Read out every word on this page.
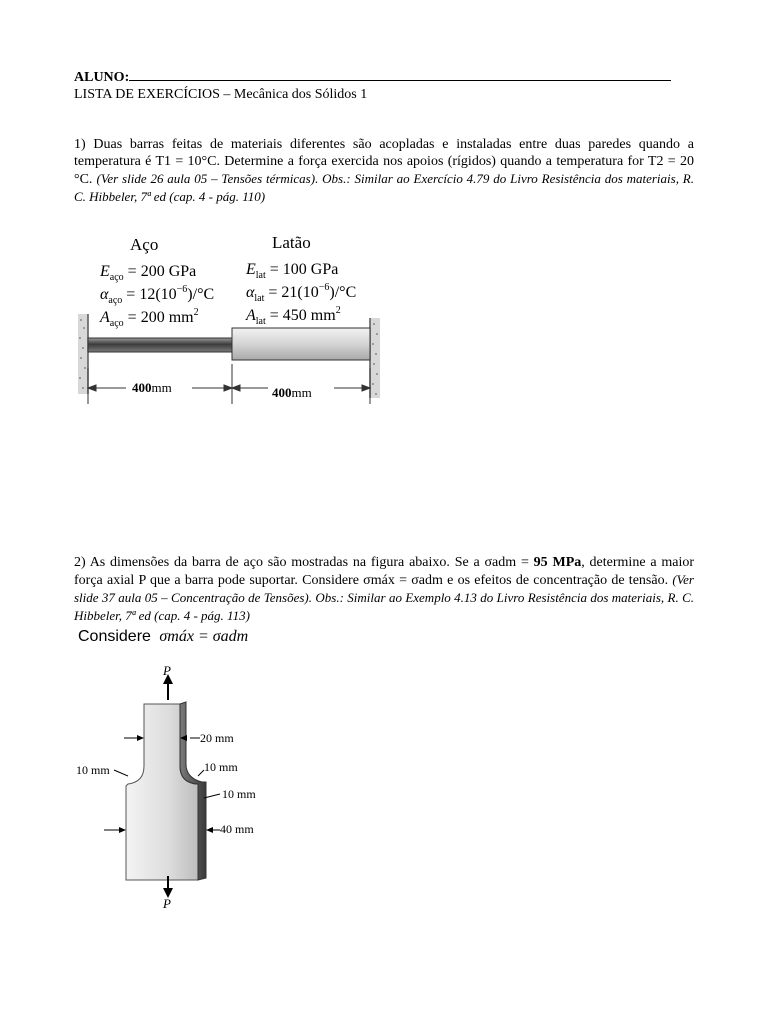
ALUNO:
LISTA DE EXERCÍCIOS – Mecânica dos Sólidos 1
1) Duas barras feitas de materiais diferentes são acopladas e instaladas entre duas paredes quando a temperatura é T1 = 10°C. Determine a força exercida nos apoios (rígidos) quando a temperatura for T2 = 20 °C. (Ver slide 26 aula 05 – Tensões térmicas). Obs.: Similar ao Exercício 4.79 do Livro Resistência dos materiais, R. C. Hibbeler, 7ª ed (cap. 4 - pág. 110)
Aço
$E_{aço} = 200$ GPa
$\alpha_{aço} = 12(10^{-6})/^\circ C$
$A_{aço} = 200$ $mm^2$
Latão
$E_{lat} = 100$ GPa
$\alpha_{lat} = 21(10^{-6})/^\circ C$
$A_{lat} = 450$ $mm^2$
400mm	400mm
2) As dimensões da barra de aço são mostradas na figura abaixo. Se a σadm = 95 MPa, determine a maior força axial P que a barra pode suportar. Considere σmáx = σadm e os efeitos de concentração de tensão. (Ver slide 37 aula 05 – Concentração de Tensões). Obs.: Similar ao Exemplo 4.13 do Livro Resistência dos materiais, R. C. Hibbeler, 7ª ed (cap. 4 - pág. 113)
Considere σmáx = σadm
P
P
20 mm
10 mm	10 mm
10 mm
40 mm
